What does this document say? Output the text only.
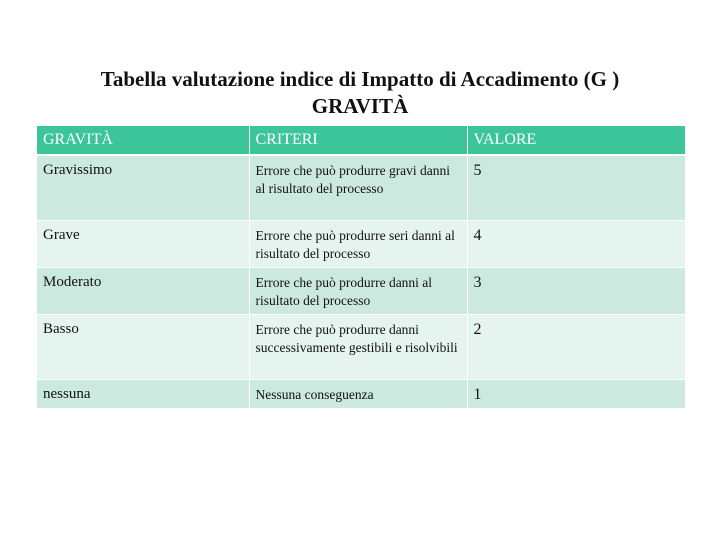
Tabella valutazione indice di Impatto di Accadimento (G )
GRAVITÀ
GRAVITÀ	CRITERI	VALORE
Gravissimo	Errore che può produrre gravi danni al risultato del processo	5
Grave	Errore che può produrre seri danni al risultato del processo	4
Moderato	Errore che può produrre danni al risultato del processo	3
Basso	Errore che può produrre danni successivamente gestibili e risolvibili	2
nessuna	Nessuna conseguenza	1
